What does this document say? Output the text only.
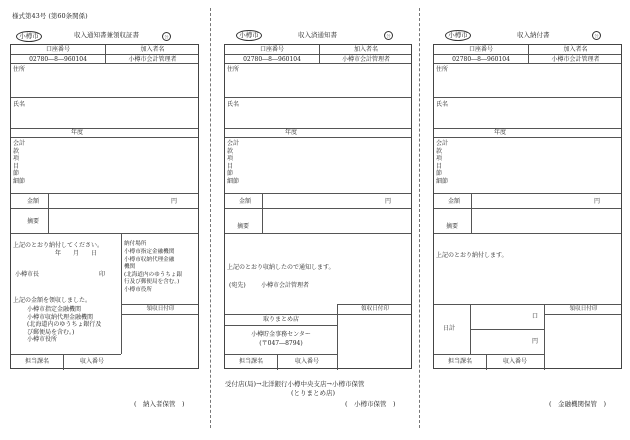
様式第43号 (第60条関係)
小樽市	収入通知書兼領収証書	公
口座番号	加入者名
02780―8―960104	小樽市会計管理者
住所
氏名
年度
会計
款
項
目
節
細節
金額	円
摘要
上記のとおり納付してください。
年　　月　　日
小樽市長	印
納付場所
小樽市指定金融機関
小樽市収納代理金融
機関
(北海道内のゆうちょ銀
行及び郵便局を含む。)
小樽市役所
領収日付印
上記の金額を領収しました。
小樽市指定金融機関
小樽市収納代理金融機関
(北海道内のゆうちょ銀行及
び郵便局を含む。)
小樽市役所
担当課名	収入番号
(　納入者保管　)
小樽市	収入済通知書	公
口座番号	加入者名
02780―8―960104	小樽市会計管理者
住所
氏名
年度
会計
款
項
目
節
細節
金額	円
摘要
上記のとおり収納したので通知します。
(宛先)	小樽市会計管理者
領収日付印
取りまとめ店
小樽貯金事務センター
(〒047―8794)
担当課名	収入番号
受付店(局)→北洋銀行小樽中央支店→小樽市保管
(とりまとめ店)
(　小樽市保管　)
小樽市	収入納付書	公
口座番号	加入者名
02780―8―960104	小樽市会計管理者
住所
氏名
年度
会計
款
項
目
節
細節
金額	円
摘要
上記のとおり納付します。
日計
口
円
領収日付印
担当課名	収入番号
(　金融機関保管　)
